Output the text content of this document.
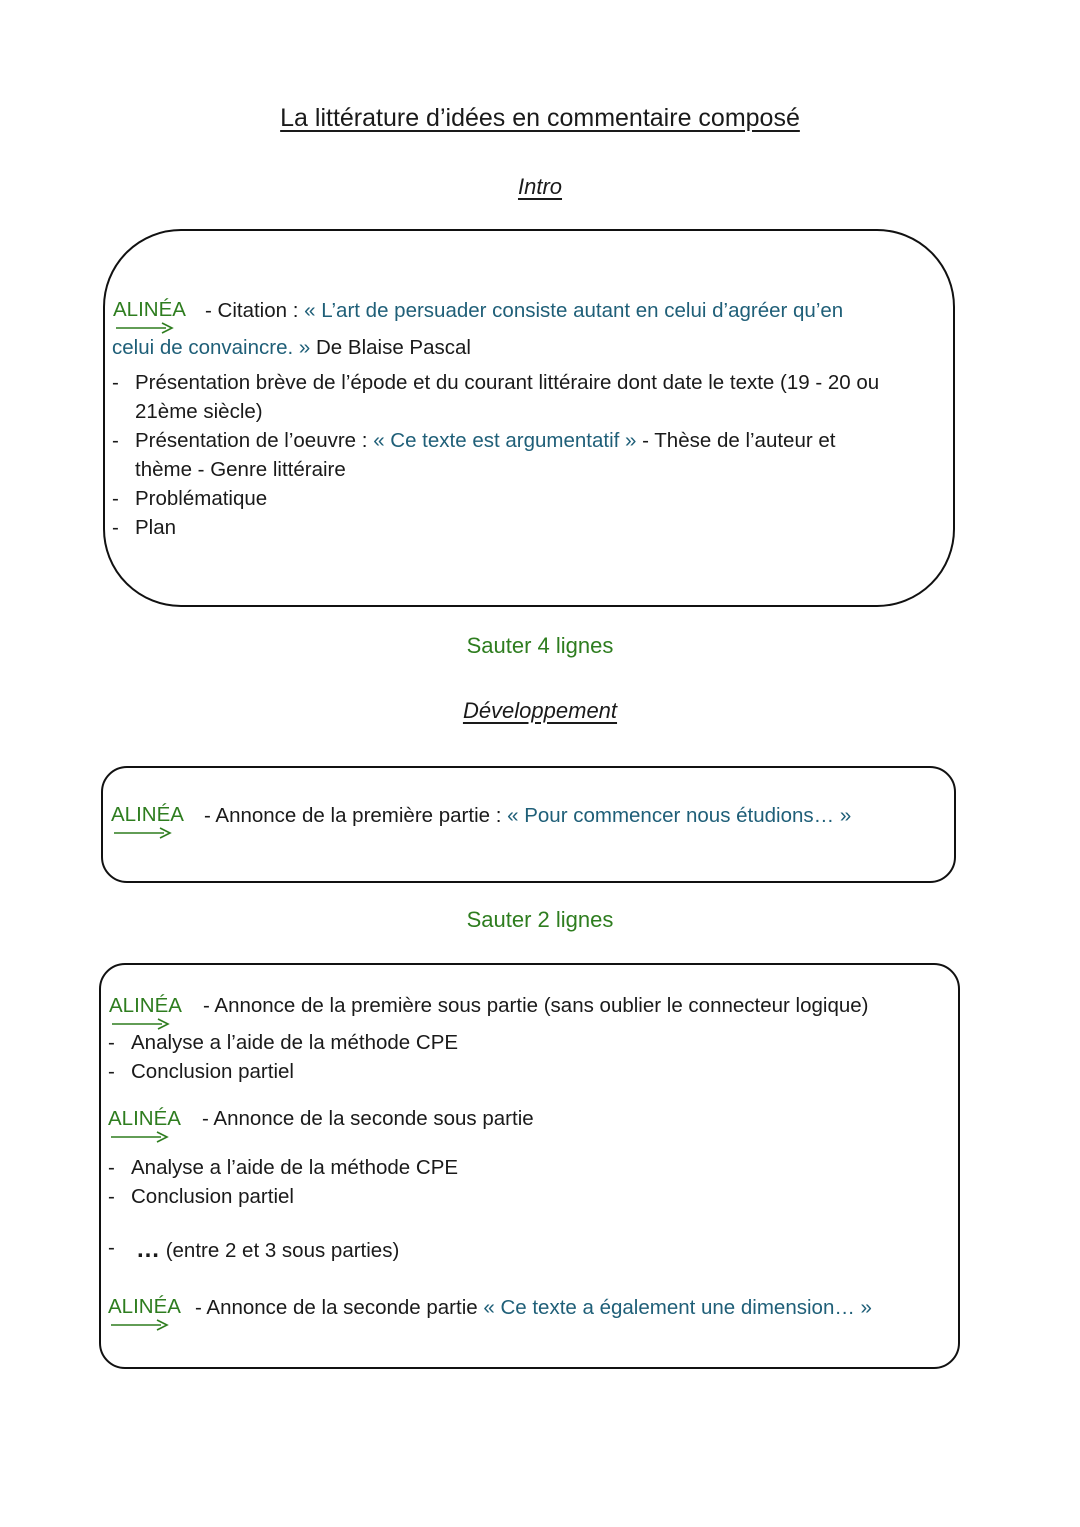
La littérature d’idées en commentaire composé
Intro
ALINÉA - Citation : « L’art de persuader consiste autant en celui d’agréer qu’en
celui de convaincre. » De Blaise Pascal
- Présentation brève de l’épode et du courant littéraire dont date le texte (19 - 20 ou
21ème siècle)
- Présentation de l’oeuvre : « Ce texte est argumentatif » - Thèse de l’auteur et
thème - Genre littéraire
- Problématique
- Plan
Sauter 4 lignes
Développement
ALINÉA - Annonce de la première partie : « Pour commencer nous étudions… »
Sauter 2 lignes
ALINÉA - Annonce de la première sous partie (sans oublier le connecteur logique)
- Analyse a l’aide de la méthode CPE
- Conclusion partiel
ALINÉA - Annonce de la seconde sous partie
- Analyse a l’aide de la méthode CPE
- Conclusion partiel
- … (entre 2 et 3 sous parties)
ALINÉA - Annonce de la seconde partie « Ce texte a également une dimension… »
